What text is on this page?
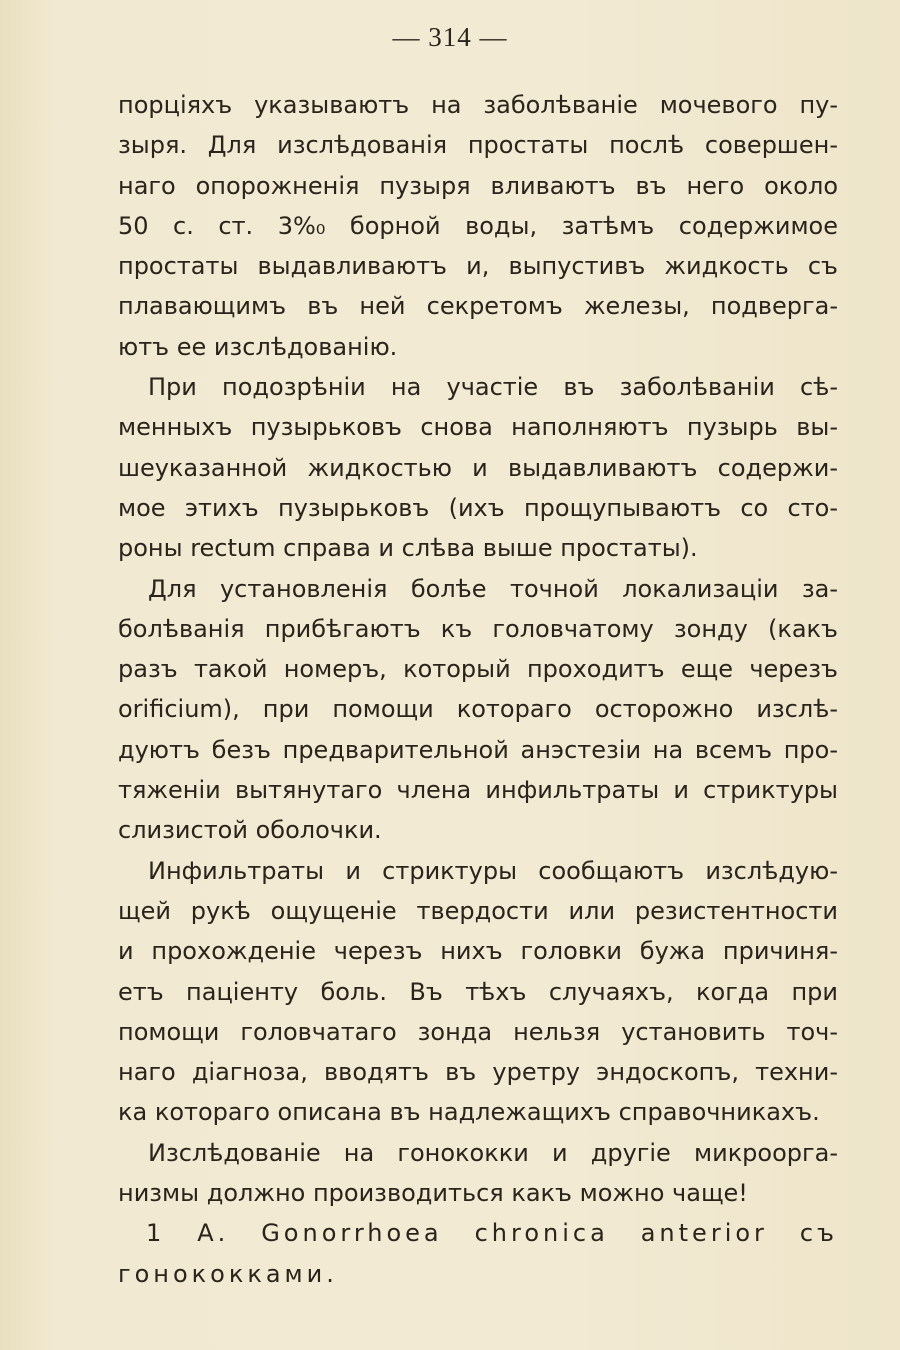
— 314 —
порцiяхъ указываютъ на заболѣванiе мочевого пу-
зыря. Для изслѣдованiя простаты послѣ совершен-
наго опорожненiя пузыря вливаютъ въ него около
50 с. ст. 3%₀ борной воды, затѣмъ содержимое
простаты выдавливаютъ и, выпустивъ жидкость съ
плавающимъ въ ней секретомъ железы, подверга-
ютъ ее изслѣдованiю.
При подозрѣнiи на участiе въ заболѣванiи сѣ-
менныхъ пузырьковъ снова наполняютъ пузырь вы-
шеуказанной жидкостью и выдавливаютъ содержи-
мое этихъ пузырьковъ (ихъ прощупываютъ со сто-
роны rectum справа и слѣва выше простаты).
Для установленiя болѣе точной локализацiи за-
болѣванiя прибѣгаютъ къ головчатому зонду (какъ
разъ такой номеръ, который проходитъ еще черезъ
orificium), при помощи котораго осторожно изслѣ-
дуютъ безъ предварительной анэстезiи на всемъ про-
тяженiи вытянутаго члена инфильтраты и стриктуры
слизистой оболочки.
Инфильтраты и стриктуры сообщаютъ изслѣдую-
щей рукѣ ощущенiе твердости или резистентности
и прохожденiе черезъ нихъ головки бужа причиня-
етъ пацiенту боль. Въ тѣхъ случаяхъ, когда при
помощи головчатаго зонда нельзя установить точ-
наго дiагноза, вводятъ въ уретру эндоскопъ, техни-
ка котораго описана въ надлежащихъ справочникахъ.
Изслѣдованiе на гонококки и другiе микроорга-
низмы должно производиться какъ можно чаще!
1 А. Gonorrhoea chronica anterior съ
гонококками.
